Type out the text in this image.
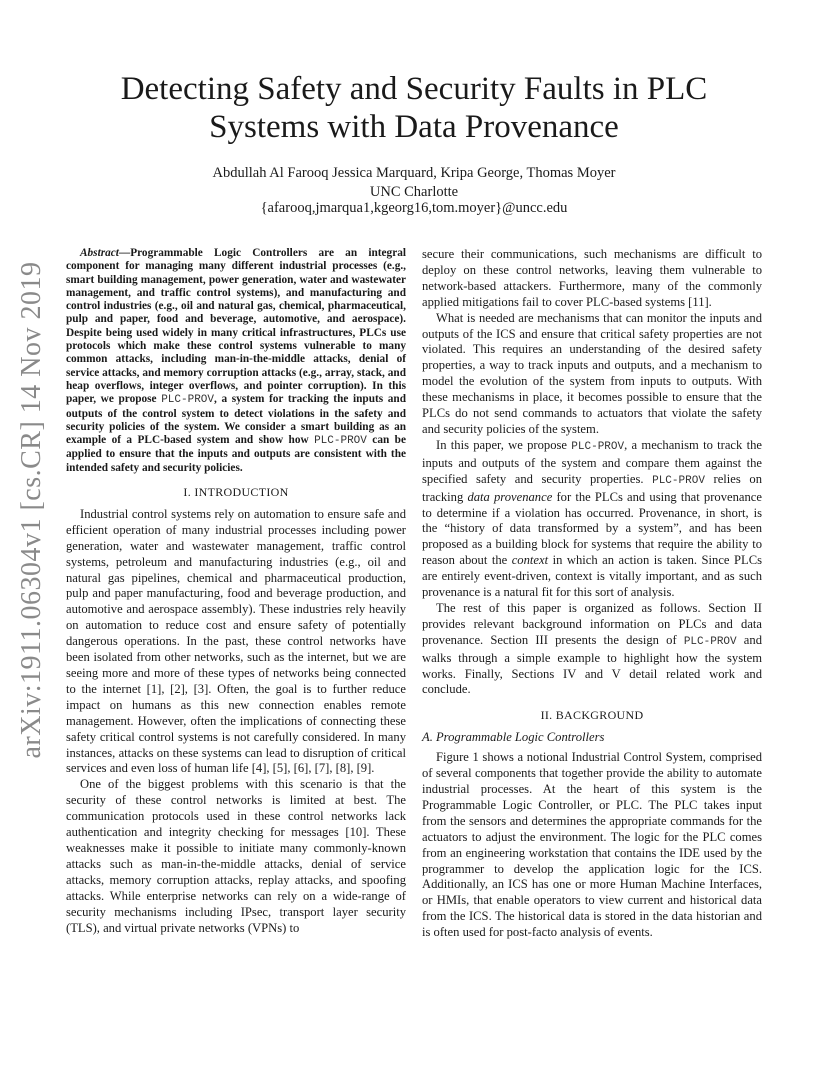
arXiv:1911.06304v1 [cs.CR] 14 Nov 2019
Detecting Safety and Security Faults in PLC
Systems with Data Provenance
Abdullah Al Farooq Jessica Marquard, Kripa George, Thomas Moyer
UNC Charlotte
{afarooq,jmarqua1,kgeorg16,tom.moyer}@uncc.edu

Abstract—Programmable Logic Controllers are an integral component for managing many different industrial processes (e.g., smart building management, power generation, water and wastewater management, and traffic control systems), and manufacturing and control industries (e.g., oil and natural gas, chemical, pharmaceutical, pulp and paper, food and beverage, automotive, and aerospace). Despite being used widely in many critical infrastructures, PLCs use protocols which make these control systems vulnerable to many common attacks, including man-in-the-middle attacks, denial of service attacks, and memory corruption attacks (e.g., array, stack, and heap overflows, integer overflows, and pointer corruption). In this paper, we propose PLC-PROV, a system for tracking the inputs and outputs of the control system to detect violations in the safety and security policies of the system. We consider a smart building as an example of a PLC-based system and show how PLC-PROV can be applied to ensure that the inputs and outputs are consistent with the intended safety and security policies.

I. INTRODUCTION

Industrial control systems rely on automation to ensure safe and efficient operation of many industrial processes including power generation, water and wastewater management, traffic control systems, petroleum and manufacturing industries (e.g., oil and natural gas pipelines, chemical and pharmaceutical production, pulp and paper manufacturing, food and beverage production, and automotive and aerospace assembly). These industries rely heavily on automation to reduce cost and ensure safety of potentially dangerous operations. In the past, these control networks have been isolated from other networks, such as the internet, but we are seeing more and more of these types of networks being connected to the internet [1], [2], [3]. Often, the goal is to further reduce impact on humans as this new connection enables remote management. However, often the implications of connecting these safety critical control systems is not carefully considered. In many instances, attacks on these systems can lead to disruption of critical services and even loss of human life [4], [5], [6], [7], [8], [9].

One of the biggest problems with this scenario is that the security of these control networks is limited at best. The communication protocols used in these control networks lack authentication and integrity checking for messages [10]. These weaknesses make it possible to initiate many commonly-known attacks such as man-in-the-middle attacks, denial of service attacks, memory corruption attacks, replay attacks, and spoofing attacks. While enterprise networks can rely on a wide-range of security mechanisms including IPsec, transport layer security (TLS), and virtual private networks (VPNs) to

secure their communications, such mechanisms are difficult to deploy on these control networks, leaving them vulnerable to network-based attackers. Furthermore, many of the commonly applied mitigations fail to cover PLC-based systems [11].

What is needed are mechanisms that can monitor the inputs and outputs of the ICS and ensure that critical safety properties are not violated. This requires an understanding of the desired safety properties, a way to track inputs and outputs, and a mechanism to model the evolution of the system from inputs to outputs. With these mechanisms in place, it becomes possible to ensure that the PLCs do not send commands to actuators that violate the safety and security policies of the system.

In this paper, we propose PLC-PROV, a mechanism to track the inputs and outputs of the system and compare them against the specified safety and security properties. PLC-PROV relies on tracking data provenance for the PLCs and using that provenance to determine if a violation has occurred. Provenance, in short, is the “history of data transformed by a system”, and has been proposed as a building block for systems that require the ability to reason about the context in which an action is taken. Since PLCs are entirely event-driven, context is vitally important, and as such provenance is a natural fit for this sort of analysis.

The rest of this paper is organized as follows. Section II provides relevant background information on PLCs and data provenance. Section III presents the design of PLC-PROV and walks through a simple example to highlight how the system works. Finally, Sections IV and V detail related work and conclude.

II. BACKGROUND
A. Programmable Logic Controllers

Figure 1 shows a notional Industrial Control System, comprised of several components that together provide the ability to automate industrial processes. At the heart of this system is the Programmable Logic Controller, or PLC. The PLC takes input from the sensors and determines the appropriate commands for the actuators to adjust the environment. The logic for the PLC comes from an engineering workstation that contains the IDE used by the programmer to develop the application logic for the ICS. Additionally, an ICS has one or more Human Machine Interfaces, or HMIs, that enable operators to view current and historical data from the ICS. The historical data is stored in the data historian and is often used for post-facto analysis of events.
